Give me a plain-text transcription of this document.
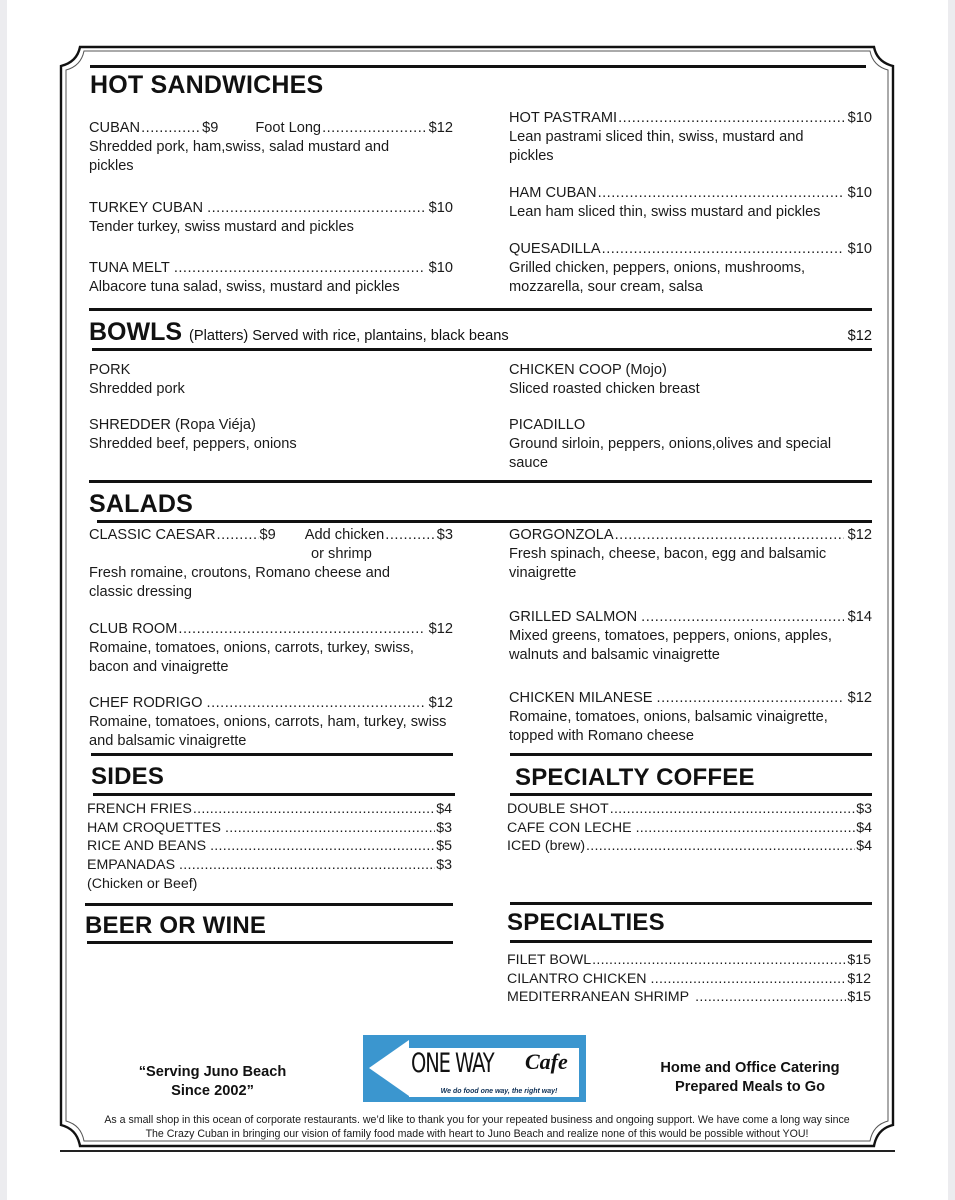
HOT SANDWICHES
CUBAN .....	$9	Foot Long .....	$12
Shredded pork, ham,swiss, salad mustard and pickles
TURKEY CUBAN .....	$10
Tender turkey, swiss mustard and pickles
TUNA MELT .....	$10
Albacore tuna salad, swiss, mustard and pickles
HOT PASTRAMI .....	$10
Lean pastrami sliced thin, swiss, mustard and pickles
HAM CUBAN .....	$10
Lean ham sliced thin, swiss mustard and pickles
QUESADILLA .....	$10
Grilled chicken, peppers, onions, mushrooms, mozzarella, sour cream, salsa
BOWLS (Platters) Served with rice, plantains, black beans	$12
PORK
Shredded pork
CHICKEN COOP (Mojo)
Sliced roasted chicken breast
SHREDDER (Ropa Viéja)
Shredded beef, peppers, onions
PICADILLO
Ground sirloin, peppers, onions,olives and special sauce
SALADS
CLASSIC CAESAR .....	$9 Add chicken .....	$3
or shrimp
Fresh romaine, croutons, Romano cheese and classic dressing
CLUB ROOM .....	$12
Romaine, tomatoes, onions, carrots, turkey, swiss, bacon and vinaigrette
CHEF RODRIGO .....	$12
Romaine, tomatoes, onions, carrots, ham, turkey, swiss and balsamic vinaigrette
GORGONZOLA .....	$12
Fresh spinach, cheese, bacon, egg and balsamic vinaigrette
GRILLED SALMON .....	$14
Mixed greens, tomatoes, peppers, onions, apples, walnuts and balsamic vinaigrette
CHICKEN MILANESE .....	$12
Romaine, tomatoes, onions, balsamic vinaigrette, topped with Romano cheese
SIDES
FRENCH FRIES .....	$4
HAM CROQUETTES .....	$3
RICE AND BEANS .....	$5
EMPANADAS .....	$3
(Chicken or Beef)
BEER OR WINE
SPECIALTY COFFEE
DOUBLE SHOT .....	$3
CAFE CON LECHE .....	$4
ICED (brew) .....	$4
SPECIALTIES
FILET BOWL .....	$15
CILANTRO CHICKEN .....	$12
MEDITERRANEAN SHRIMP .....	$15
“Serving Juno Beach
Since 2002”
ONE WAY Cafe
We do food one way, the right way!
Home and Office Catering
Prepared Meals to Go
As a small shop in this ocean of corporate restaurants. we’d like to thank you for your repeated business and ongoing support. We have come a long way since
The Crazy Cuban in bringing our vision of family food made with heart to Juno Beach and realize none of this would be possible without YOU!
